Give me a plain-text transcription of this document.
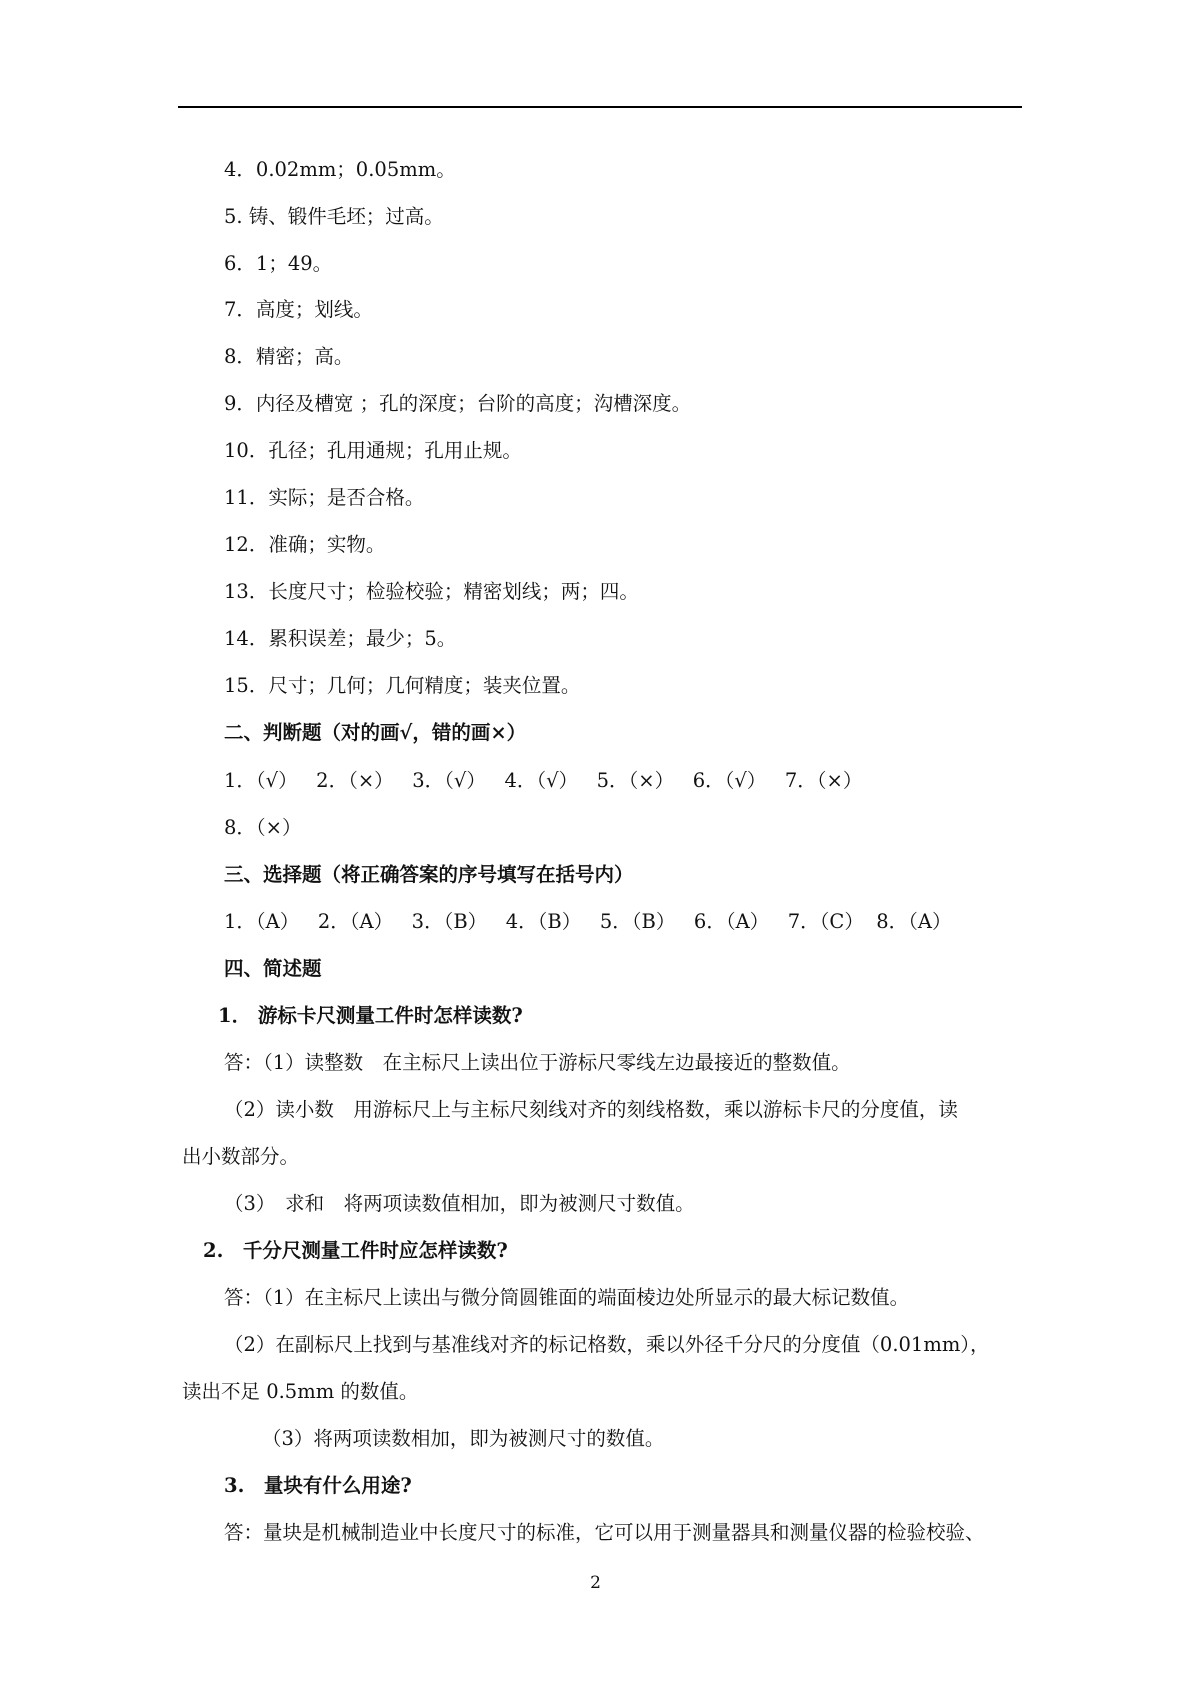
4．0.02mm；0.05mm。
5. 铸、锻件毛坯；过高。
6．1；49。
7．高度；划线。
8．精密；高。
9．内径及槽宽 ；孔的深度；台阶的高度；沟槽深度。
10．孔径；孔用通规；孔用止规。
11．实际；是否合格。
12．准确；实物。
13．长度尺寸；检验校验；精密划线；两；四。
14．累积误差；最少；5。
15．尺寸；几何；几何精度；装夹位置。
二、判断题（对的画√，错的画×）
1．（√）   2．（×）   3．（√）   4．（√）   5．（×）   6．（√）   7．（×）
8．（×）
三、选择题（将正确答案的序号填写在括号内）
1．（A）   2．（A）   3．（B）   4．（B）   5．（B）   6．（A）   7．（C）  8．（A）
四、简述题
1． 游标卡尺测量工件时怎样读数?
答：（1）读整数　在主标尺上读出位于游标尺零线左边最接近的整数值。
（2）读小数　用游标尺上与主标尺刻线对齐的刻线格数，乘以游标卡尺的分度值，读
出小数部分。
（3）　求和　将两项读数值相加，即为被测尺寸数值。
2.　千分尺测量工件时应怎样读数?
答：（1）在主标尺上读出与微分筒圆锥面的端面棱边处所显示的最大标记数值。
（2）在副标尺上找到与基准线对齐的标记格数，乘以外径千分尺的分度值（0.01mm），
读出不足 0.5mm 的数值。
（3）将两项读数相加，即为被测尺寸的数值。
3.　量块有什么用途?
答：量块是机械制造业中长度尺寸的标准，它可以用于测量器具和测量仪器的检验校验、
2
